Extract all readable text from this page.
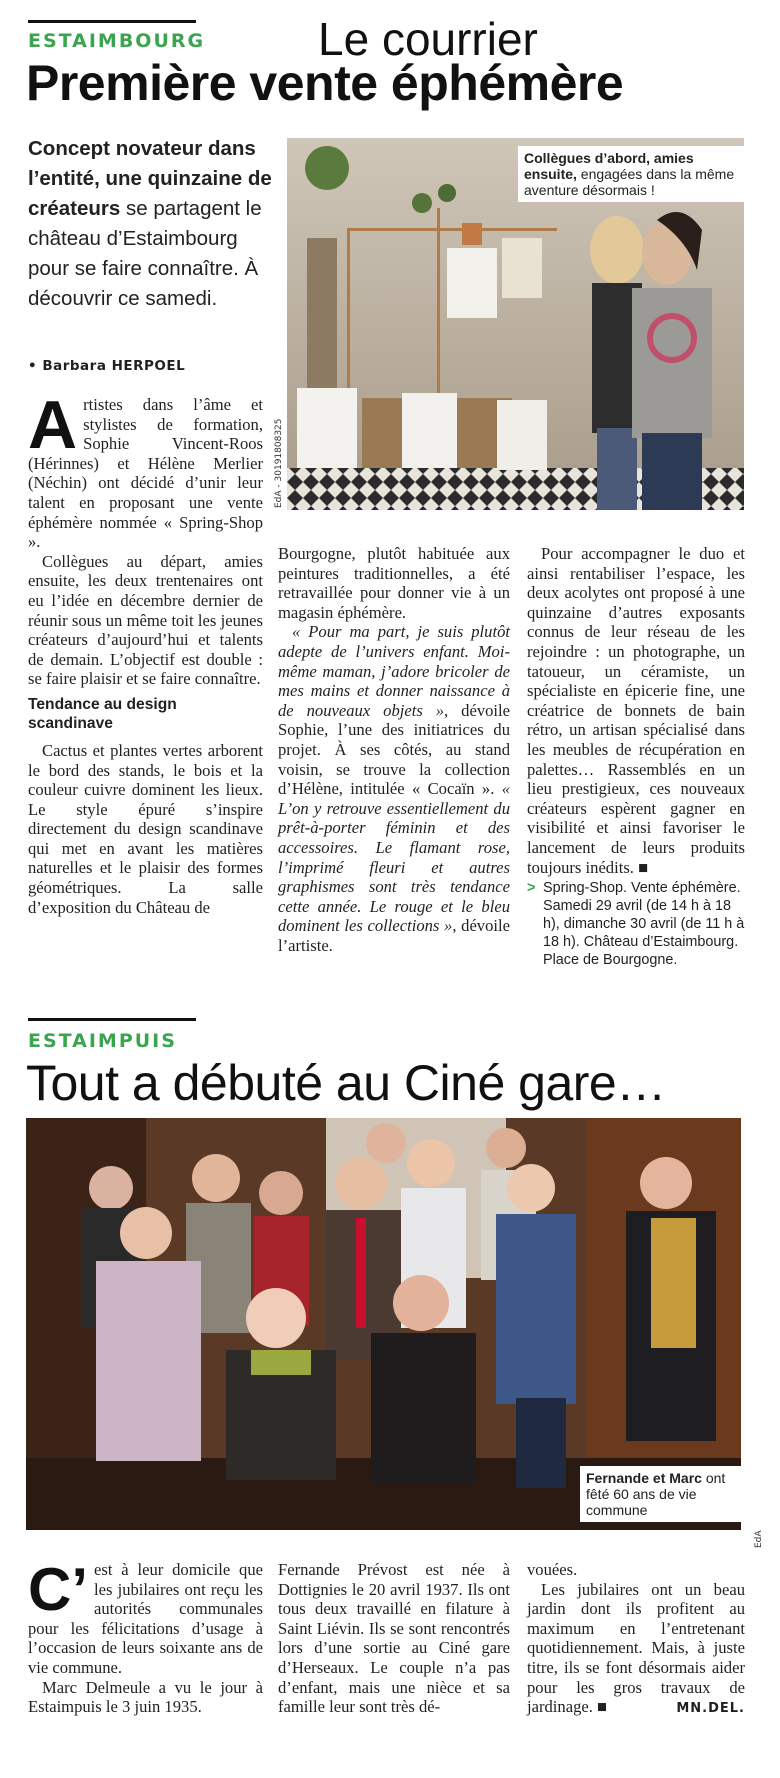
ESTAIMBOURG Le courrier
Première vente éphémère
Concept novateur dans l’entité, une quinzaine de créateurs se partagent le château d’Estaimbourg pour se faire connaître. À découvrir ce samedi.
• Barbara HERPOEL
Collègues d’abord, amies ensuite, engagées dans la même aventure désormais !
EdA - 301918083​25

Artistes dans l’âme et stylistes de formation, Sophie Vincent-Roos (Hérinnes) et Hélène Merlier (Néchin) ont décidé d’unir leur talent en proposant une vente éphémère nommée « Spring-Shop ».

Collègues au départ, amies ensuite, les deux trentenaires ont eu l’idée en décembre dernier de réunir sous un même toit les jeunes créateurs d’aujourd’hui et talents de demain. L’objectif est double : se faire plaisir et se faire connaître.

Tendance au design scandinave

Cactus et plantes vertes arborent le bord des stands, le bois et la couleur cuivre dominent les lieux. Le style épuré s’inspire directement du design scandinave qui met en avant les matières naturelles et le plaisir des formes géométriques. La salle d’exposition du Château de

Bourgogne, plutôt habituée aux peintures traditionnelles, a été retravaillée pour donner vie à un magasin éphémère.

« Pour ma part, je suis plutôt adepte de l’univers enfant. Moi-même maman, j’adore bricoler de mes mains et donner naissance à de nouveaux objets », dévoile Sophie, l’une des initiatrices du projet. À ses côtés, au stand voisin, se trouve la collection d’Hélène, intitulée « Cocaïn ». « L’on y retrouve essentiellement du prêt-à-porter féminin et des accessoires. Le flamant rose, l’imprimé fleuri et autres graphismes sont très tendance cette année. Le rouge et le bleu dominent les collections », dévoile l’artiste.

Pour accompagner le duo et ainsi rentabiliser l’espace, les deux acolytes ont proposé à une quinzaine d’autres exposants connus de leur réseau de les rejoindre : un photographe, un tatoueur, un céramiste, un spécialiste en épicerie fine, une créatrice de bonnets de bain rétro, un artisan spécialisé dans les meubles de récupération en palettes… Rassemblés en un lieu prestigieux, ces nouveaux créateurs espèrent gagner en visibilité et ainsi favoriser le lancement de leurs produits toujours inédits. ■

> Spring-Shop. Vente éphémère. Samedi 29 avril (de 14 h à 18 h), dimanche 30 avril (de 11 h à 18 h). Château d’Estaimbourg. Place de Bourgogne.
ESTAIMPUIS
Tout a débuté au Ciné gare…
Fernande et Marc ont fêté 60 ans de vie commune
EdA

C’ est à leur domicile que les jubilaires ont reçu les autorités communales pour les félicitations d’usage à l’occasion de leurs soixante ans de vie commune.

Marc Delmeule a vu le jour à Estaimpuis le 3 juin 1935.

Fernande Prévost est née à Dottignies le 20 avril 1937. Ils ont tous deux travaillé en filature à Saint Liévin. Ils se sont rencontrés lors d’une sortie au Ciné gare d’Herseaux. Le couple n’a pas d’enfant, mais une nièce et sa famille leur sont très dé-

vouées.

Les jubilaires ont un beau jardin dont ils profitent au maximum en l’entretenant quotidiennement. Mais, à juste titre, ils se font désormais aider pour les gros travaux de jardinage. ■	MN.DEL.
